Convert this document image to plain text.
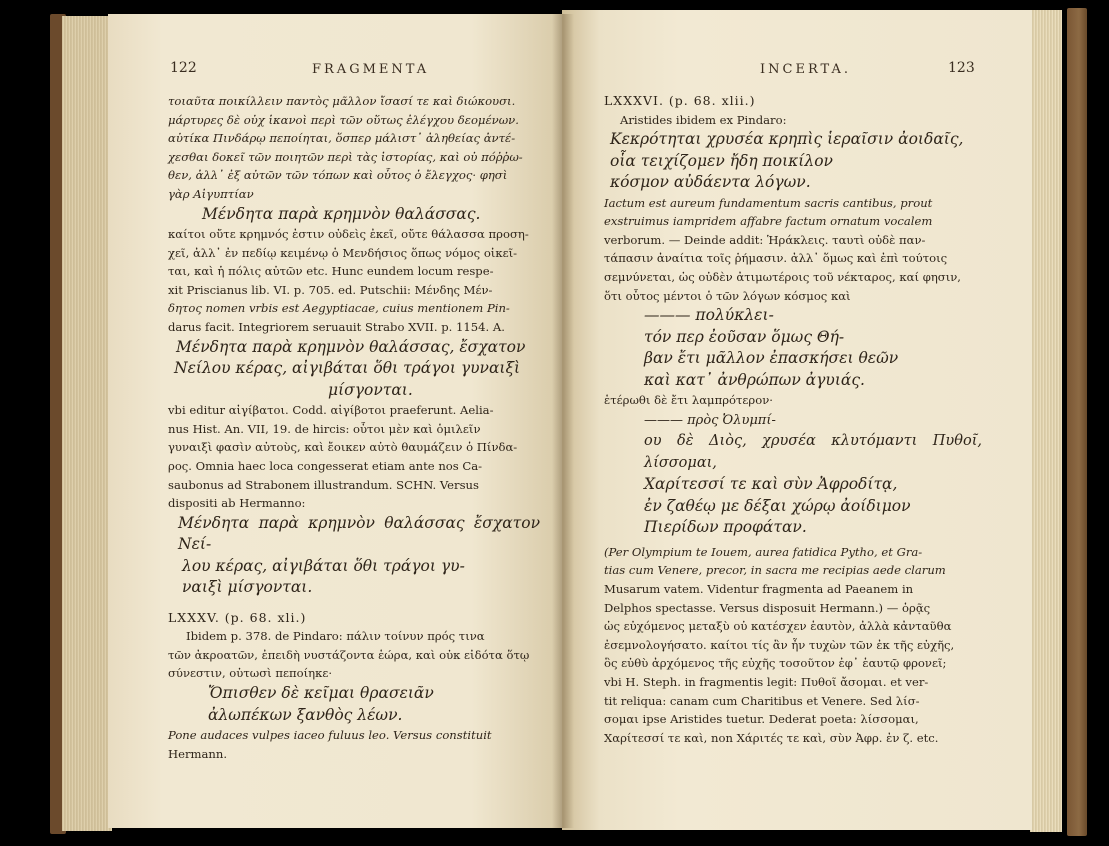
122	FRAGMENTA	INCERTA.	123

τοιαῦτα ποικίλλειν παντὸς μᾶλλον ἴσασί τε καὶ διώκουσι.

μάρτυρες δὲ οὐχ ἱκανοὶ περὶ τῶν οὕτως ἐλέγχου δεομένων.

αὐτίκα Πινδάρῳ πεποίηται, ὅσπερ μάλιστ᾽ ἀληθείας ἀντέ-

χεσθαι δοκεῖ τῶν ποιητῶν περὶ τὰς ἱστορίας, καὶ οὐ πόῤῥω-

θεν, ἀλλ᾽ ἐξ αὐτῶν τῶν τόπων καὶ οὗτος ὁ ἔλεγχος· φησὶ

γὰρ Αἰγυπτίαν

Μένδητα παρὰ κρημνὸν θαλάσσας.

καίτοι οὔτε κρημνός ἐστιν οὐδεὶς ἐκεῖ, οὔτε θάλασσα προση-

χεῖ, ἀλλ᾽ ἐν πεδίῳ κειμένῳ ὁ Μενδήσιος ὅπως νόμος οἰκεῖ-

ται, καὶ ἡ πόλις αὐτῶν etc. Hunc eundem locum respe-

xit Priscianus lib. VI. p. 705. ed. Putschii: Μένδης Μέν-

δητος nomen vrbis est Aegyptiacae, cuius mentionem Pin-

darus facit. Integriorem seruauit Strabo XVII. p. 1154. A.

Μένδητα παρὰ κρημνὸν θαλάσσας, ἔσχατον

Νείλου κέρας, αἰγιβάται ὅθι τράγοι γυναιξὶ

μίσγονται.

vbi editur αἰγίβατοι. Codd. αἰγίβοτοι praeferunt. Aelia-

nus Hist. An. VII, 19. de hircis: οὗτοι μὲν καὶ ὁμιλεῖν

γυναιξὶ φασὶν αὐτοὺς, καὶ ἔοικεν αὐτὸ θαυμάζειν ὁ Πίνδα-

ρος. Omnia haec loca congesserat etiam ante nos Ca-

saubonus ad Strabonem illustrandum. SCHN. Versus

dispositi ab Hermanno:

Μένδητα παρὰ κρημνὸν θαλάσσας ἔσχατον Νεί-

λου κέρας, αἰγιβάται ὅθι τράγοι γυ-

ναιξὶ μίσγονται.

LXXXV. (p. 68. xli.)

Ibidem p. 378. de Pindaro: πάλιν τοίνυν πρός τινα

τῶν ἀκροατῶν, ἐπειδὴ νυστάζοντα ἑώρα, καὶ οὐκ εἰδότα ὅτῳ

σύνεστιν, οὑτωσὶ πεποίηκε·

Ὄπισθεν δὲ κεῖμαι θρασειᾶν

ἀλωπέκων ξανθὸς λέων.

Pone audaces vulpes iaceo fuluus leo. Versus constituit

Hermann.

LXXXVI. (p. 68. xlii.)

Aristides ibidem ex Pindaro:

Κεκρότηται χρυσέα κρηπὶς ἱεραῖσιν ἀοιδαῖς,

οἷα τειχίζομεν ἤδη ποικίλον

κόσμον αὐδάεντα λόγων.

Iactum est aureum fundamentum sacris cantibus, prout

exstruimus iampridem affabre factum ornatum vocalem

verborum. — Deinde addit: Ἡράκλεις. ταυτὶ οὐδὲ παν-

τάπασιν ἀναίτια τοῖς ῥήμασιν. ἀλλ᾽ ὅμως καὶ ἐπὶ τούτοις

σεμνύνεται, ὡς οὐδὲν ἀτιμωτέροις τοῦ νέκταρος, καί φησιν,

ὅτι οὗτος μέντοι ὁ τῶν λόγων κόσμος καὶ

——— πολύκλει-

τόν περ ἐοῦσαν ὅμως Θή-

βαν ἔτι μᾶλλον ἐπασκήσει θεῶν

καὶ κατ᾽ ἀνθρώπων ἀγυιάς.

ἑτέρωθι δὲ ἔτι λαμπρότερον·

——— πρὸς Ὀλυμπί-

ου δὲ Διὸς, χρυσέα κλυτόμαντι Πυθοῖ, λίσσομαι,

Χαρίτεσσί τε καὶ σὺν Ἀφροδίτᾳ,

ἐν ζαθέῳ με δέξαι χώρῳ ἀοίδιμον

Πιερίδων προφάταν.

(Per Olympium te Iouem, aurea fatidica Pytho, et Gra-

tias cum Venere, precor, in sacra me recipias aede clarum

Musarum vatem. Videntur fragmenta ad Paeanem in

Delphos spectasse. Versus disposuit Hermann.) — ὁρᾷς

ὡς εὐχόμενος μεταξὺ οὐ κατέσχεν ἑαυτὸν, ἀλλὰ κἀνταῦθα

ἐσεμνολογήσατο. καίτοι τίς ἂν ἦν τυχὼν τῶν ἐκ τῆς εὐχῆς,

ὃς εὐθὺ ἀρχόμενος τῆς εὐχῆς τοσοῦτον ἐφ᾽ ἑαυτῷ φρονεῖ;

vbi H. Steph. in fragmentis legit: Πυθοῖ ἄσομαι. et ver-

tit reliqua: canam cum Charitibus et Venere. Sed λίσ-

σομαι ipse Aristides tuetur. Dederat poeta: λίσσομαι,

Χαρίτεσσί τε καὶ, non Χάριτές τε καὶ, σὺν Ἀφρ. ἐν ζ. etc.
